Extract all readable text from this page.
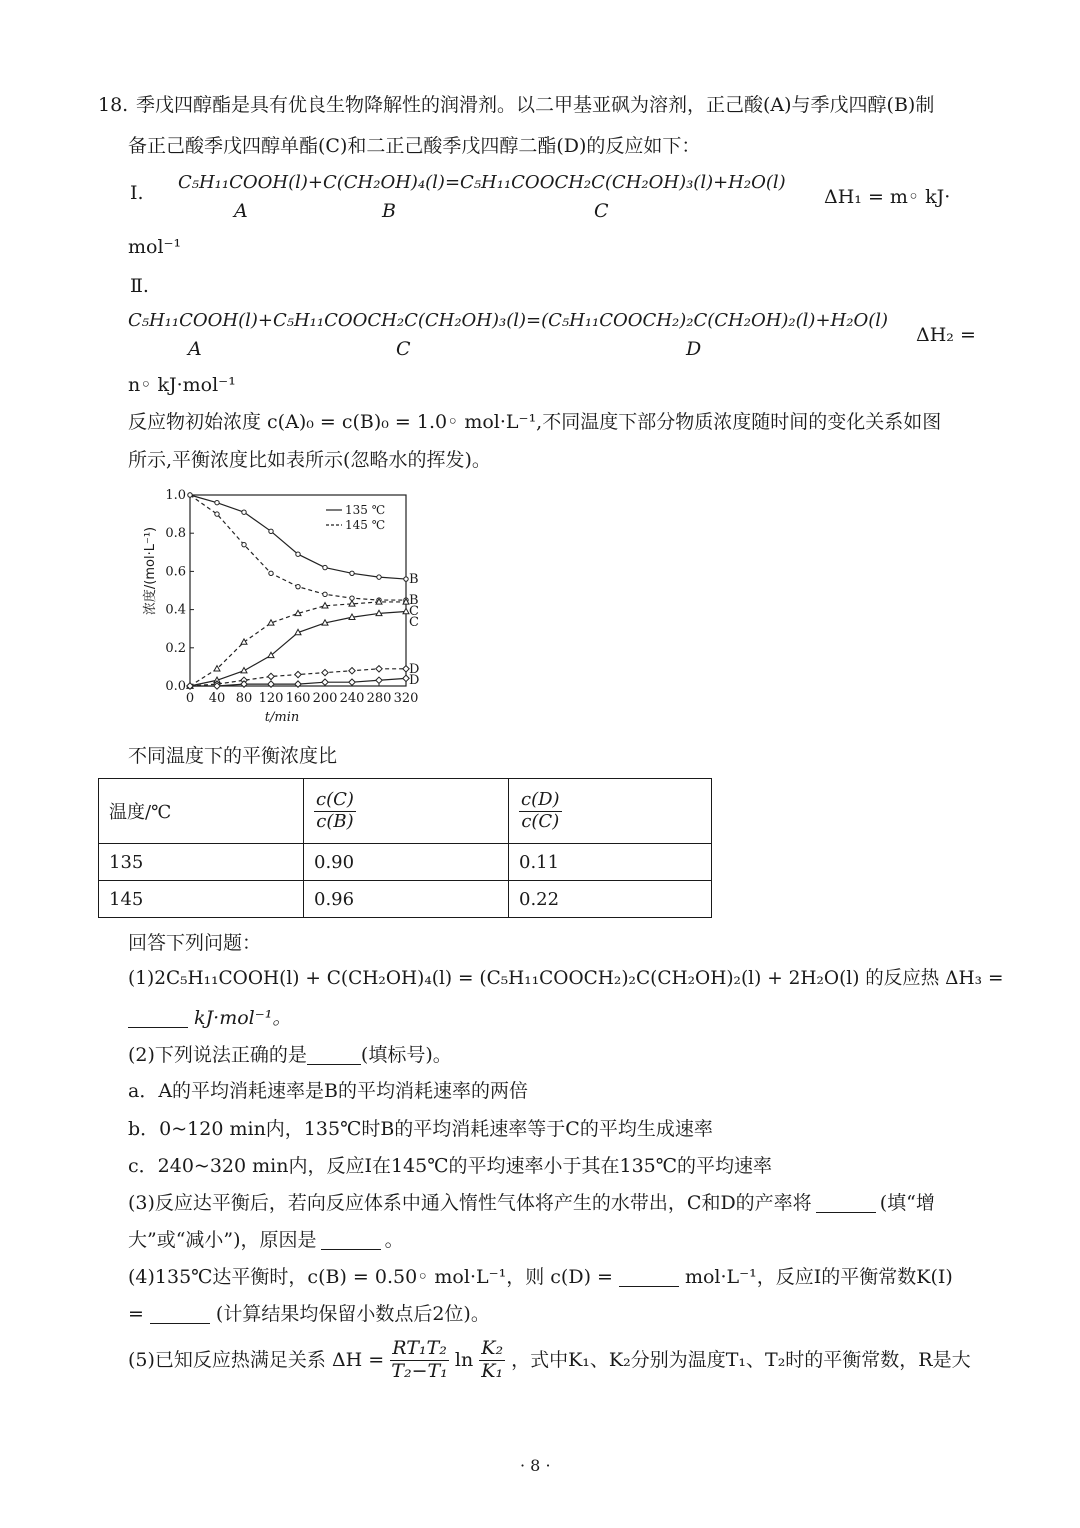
18. 季戊四醇酯是具有优良生物降解性的润滑剂。以二甲基亚砜为溶剂，正己酸(A)与季戊四醇(B)制
备正己酸季戊四醇单酯(C)和二正己酸季戊四醇二酯(D)的反应如下：
Ⅰ. C₅H₁₁COOH(l)+C(CH₂OH)₄(l)=C₅H₁₁COOCH₂C(CH₂OH)₃(l)+H₂O(l)
ΔH₁ = m◦ kJ·
A	B	C
mol⁻¹
Ⅱ.
C₅H₁₁COOH(l)+C₅H₁₁COOCH₂C(CH₂OH)₃(l)=(C₅H₁₁COOCH₂)₂C(CH₂OH)₂(l)+H₂O(l)
ΔH₂ =
A	C	D
n◦ kJ·mol⁻¹
反应物初始浓度 c(A)₀ = c(B)₀ = 1.0◦ mol·L⁻¹,不同温度下部分物质浓度随时间的变化关系如图
所示,平衡浓度比如表所示(忽略水的挥发)。
浓度/(mol·L⁻¹)
t/min
135 ℃
145 ℃
0 40 80 120 160 200 240 280 320
0.0
0.2
0.4
0.6
0.8
1.0
B
B
C
C
D
D
不同温度下的平衡浓度比
温度/℃	$\frac{c(C)}{c(B)}$	$\frac{c(D)}{c(C)}$

135	0.90	0.11
145	0.96	0.22
回答下列问题：
(1)2C₅H₁₁COOH(l) + C(CH₂OH)₄(l) = (C₅H₁₁COOCH₂)₂C(CH₂OH)₂(l) + 2H₂O(l) 的反应热 ΔH₃ =
kJ·mol⁻¹。
(2)下列说法正确的是	(填标号)。
a．A的平均消耗速率是B的平均消耗速率的两倍
b．0~120 min内，135℃时B的平均消耗速率等于C的平均生成速率
c．240~320 min内，反应Ⅰ在145℃的平均速率小于其在135℃的平均速率
(3)反应达平衡后，若向反应体系中通入惰性气体将产生的水带出，C和D的产率将	(填“增
大”或“减小”)，原因是	。
(4)135℃达平衡时，c(B) = 0.50◦ mol·L⁻¹，则 c(D) =	mol·L⁻¹，反应Ⅰ的平衡常数K(Ⅰ)
=	(计算结果均保留小数点后2位)。
(5)已知反应热满足关系 $\Delta H = \frac{\text{RT₁T₂}}{\text{T₂−T₁}}$ $\ln \frac{\text{K₂}}{\text{K₁}}$ ，式中K₁、K₂分别为温度T₁、T₂时的平衡常数，R是大
· 8 ·
